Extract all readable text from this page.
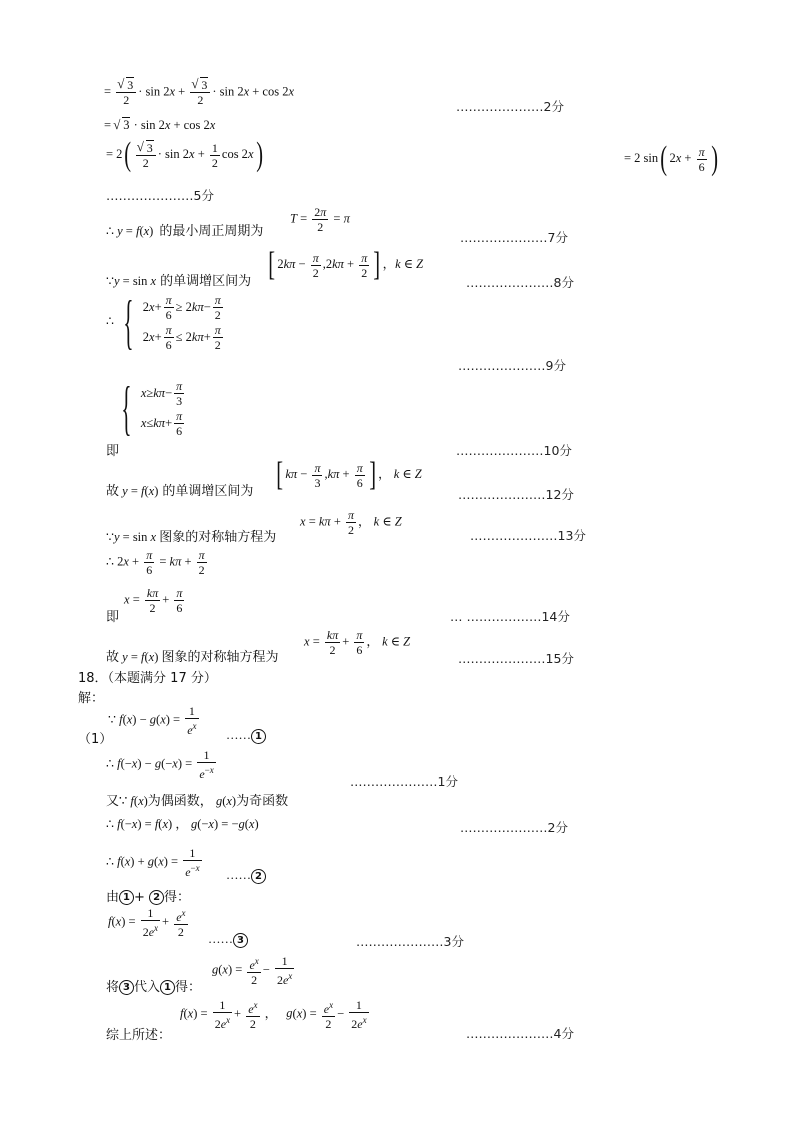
= √ $\frac{3}{2} \cdot \sin 2x$ + √ $\frac{3}{2} \cdot \sin 2x + \cos 2x$
…………………2分
= √ 3 · sin 2x + cos 2x
= 2( √ $\frac{3}{2} \cdot \sin 2x + \frac{1}{2}$ cos 2x)	= 2 sin( $2x + \frac{\pi}{6}$ )
…………………5分
∴ y = f(x) 的最小周正周期为
$T = \frac{2\pi}{2} = \pi$
…………………7分
∵y = sin x 的单调增区间为 [ $2k\pi - \frac{\pi}{2} ,2k\pi + \frac{\pi}{2}$ ] ，k ∈ Z
…………………8分
∴ { 2 $x + \frac{\pi}{6} \ge 2$ $k\pi - \frac{\pi}{2}$
2 $x + \frac{\pi}{6} \le 2$ $k\pi + \frac{\pi}{2}$
…………………9分
{ $x \ge k\pi - \frac{\pi}{3}$
$x \le k\pi + \frac{\pi}{6}$
即	…………………10分
故 y = f(x) 的单调增区间为 [ $k\pi - \frac{\pi}{3} ,k\pi + \frac{\pi}{6}$ ] ， k ∈ Z
…………………12分
∵y = sin x 图象的对称轴方程为
$x = k\pi + \frac{\pi}{2}$ ， k ∈ Z
…………………13分
∴ $2x + \frac{\pi}{6} = k\pi + \frac{\pi}{2}$
$x = \frac{k\pi}{2} + \frac{\pi}{6}$
即	… ………………14分
故 y = f(x) 图象的对称轴方程为
$x = \frac{k\pi}{2} + \frac{\pi}{6}$ ， k ∈ Z
…………………15分
18．（本题满分 17 分）
解：
∵ $f(x) - g(x) = \frac{1}{e^x}$
（1）	…… 1
∴ $f(-x) - g(-x) = \frac{1}{e^{-x}}$
…………………1分
又∵ f(x)为偶函数， g(x)为奇函数
∴ f(−x) = f(x) ， g(−x) = −g(x)	…………………2分
∴ $f(x) + g(x) = \frac{1}{e^{-x}}$ …… 2
由 1 + 2 得：
$f(x) = \frac{1}{2e^x} + \frac{e^x}{2}$ …… 3	…………………3分
$g(x) = \frac{e^x}{2} - \frac{1}{2e^x}$
将 3 代入 1 得：
综上所述：
$f(x) = \frac{1}{2e^x} + \frac{e^x}{2}$ ， $g(x) = \frac{e^x}{2} - \frac{1}{2e^x}$
…………………4分
